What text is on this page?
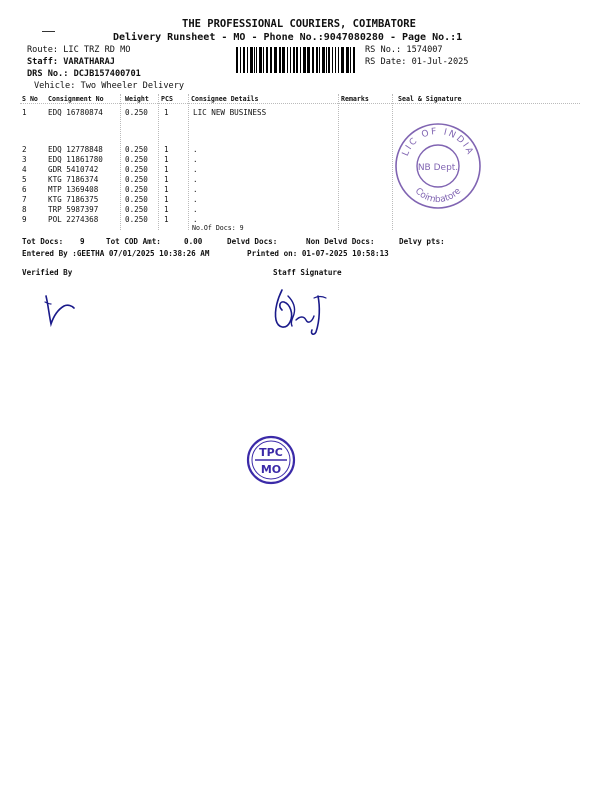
THE PROFESSIONAL COURIERS, COIMBATORE
Delivery Runsheet - MO - Phone No.:9047080280 - Page No.:1
Route: LIC TRZ RD MO
Staff: VARATHARAJ
DRS No.: DCJB157400701
Vehicle: Two Wheeler Delivery
RS No.: 1574007
RS Date: 01-Jul-2025
S No Consignment No	Weight PCS	Consignee Details	Remarks	Seal & Signature
1	EDQ 16780874	0.250 1	LIC NEW BUSINESS
2	EDQ 12778848	0.250 1	.
3	EDQ 11861780	0.250 1	.
4	GDR 5410742	0.250 1	.
5	KTG 7186374	0.250 1	.
6	MTP 1369408	0.250 1	.
7	KTG 7186375	0.250 1	.
8	TRP 5987397	0.250 1	.
9	POL 2274368	0.250 1	.
No.Of Docs: 9
LIC OF INDIA
Coimbatore
NB Dept.
Tot Docs: 9	Tot COD Amt:	0.00	Delvd Docs:	Non Delvd Docs:	Delvy pts:
Entered By :GEETHA 07/01/2025 10:38:26 AM	Printed on: 01-07-2025 10:58:13
Verified By	Staff Signature
TPC
MO
